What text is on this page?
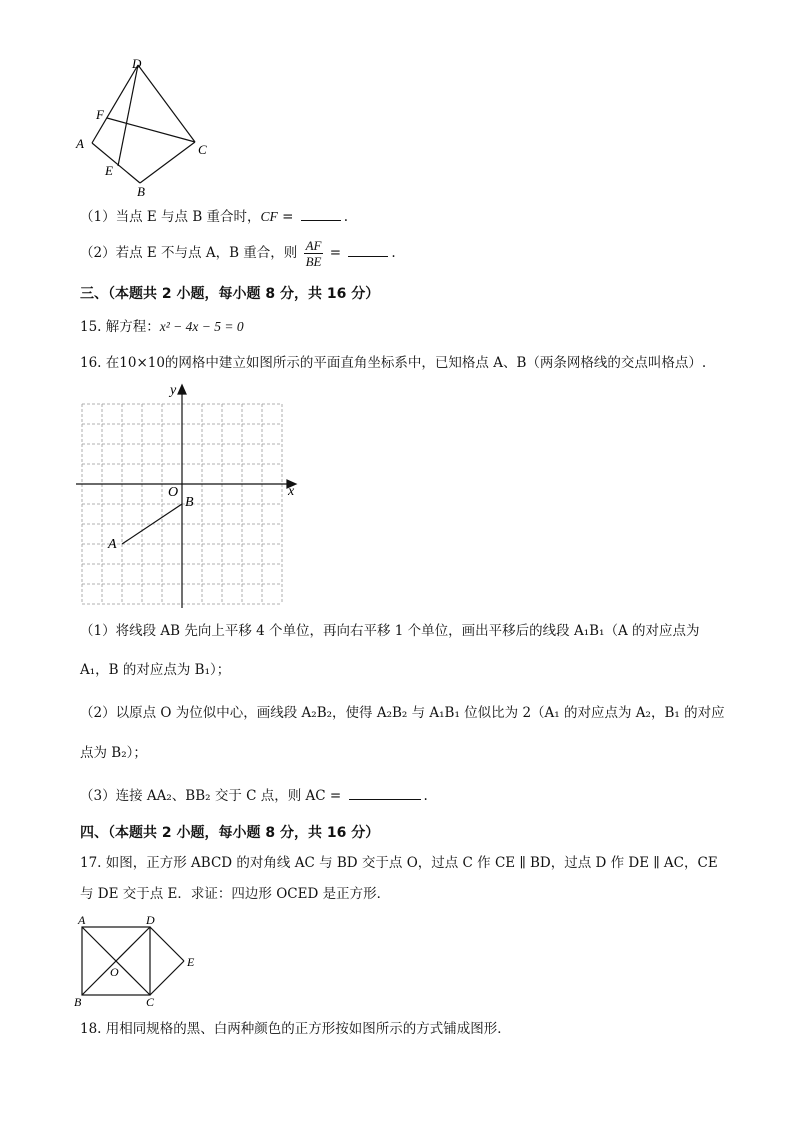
D
F
A	C
E
B
（1）当点 E 与点 B 重合时，CF =	.
（2）若点 E 不与点 A，B 重合，则 $\frac{AF}{BE}$ =	.
三、（本题共 2 小题，每小题 8 分，共 16 分）
15. 解方程：x² − 4x − 5 = 0
16. 在10×10的网格中建立如图所示的平面直角坐标系中，已知格点 A、B（两条网格线的交点叫格点）.
y
x
O
B
A
（1）将线段 AB 先向上平移 4 个单位，再向右平移 1 个单位，画出平移后的线段 A₁B₁（A 的对应点为
A₁，B 的对应点为 B₁）；
（2）以原点 O 为位似中心，画线段 A₂B₂，使得 A₂B₂ 与 A₁B₁ 位似比为 2（A₁ 的对应点为 A₂，B₁ 的对应
点为 B₂）；
（3）连接 AA₂、BB₂ 交于 C 点，则 AC =	.
四、（本题共 2 小题，每小题 8 分，共 16 分）
17. 如图，正方形 ABCD 的对角线 AC 与 BD 交于点 O，过点 C 作 CE ∥ BD，过点 D 作 DE ∥ AC，CE
与 DE 交于点 E．求证：四边形 OCED 是正方形．
A	D
E
O
B	C
18. 用相同规格的黑、白两种颜色的正方形按如图所示的方式铺成图形．
